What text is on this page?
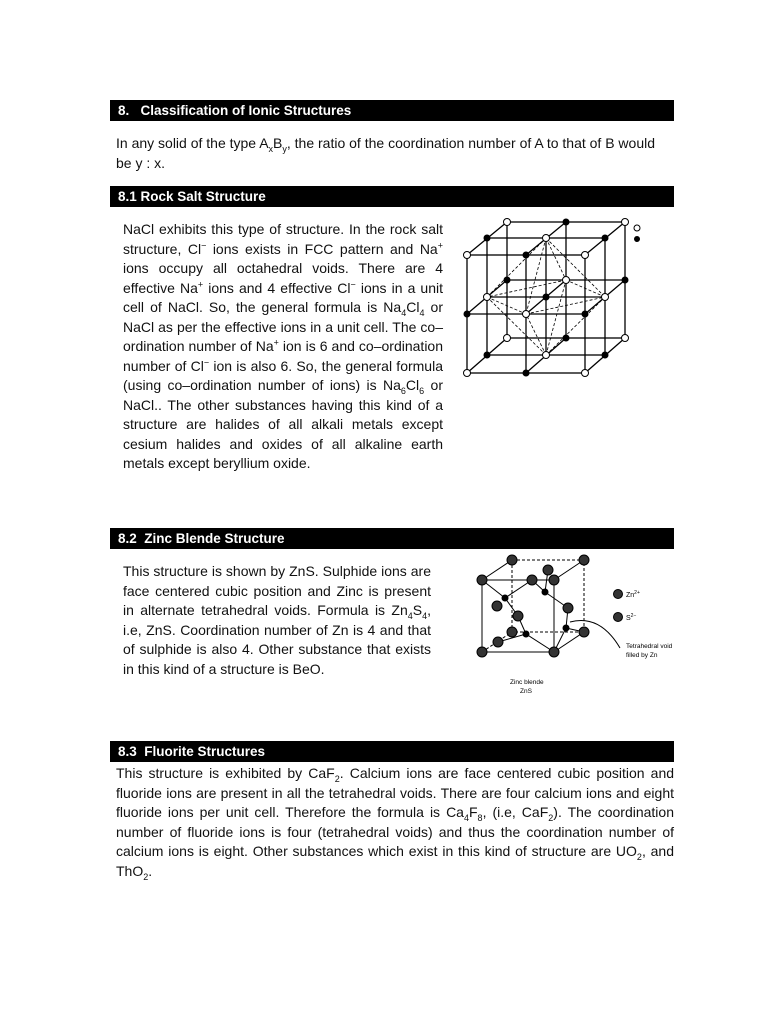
8.   Classification of Ionic Structures

In any solid of the type $A_xB_y$, the ratio of the coordination number of A to that of B would be y : x.

8.1 Rock Salt Structure

NaCl exhibits this type of structure. In the rock salt structure, Cl− ions exists in FCC pattern and Na+ ions occupy all octahedral voids. There are 4 effective Na+ ions and 4 effective Cl− ions in a unit cell of NaCl. So, the general formula is $Na_4Cl_4$ or NaCl as per the effective ions in a unit cell. The co–ordination number of Na+ ion is 6 and co–ordination number of Cl− ion is also 6. So, the general formula (using co–ordination number of ions) is $Na_6Cl_6$ or NaCl.. The other substances having this kind of a structure are halides of all alkali metals except cesium halides and oxides of all alkaline earth metals except beryllium oxide.

8.2  Zinc Blende Structure

This structure is shown by ZnS. Sulphide ions are face centered cubic position and Zinc is present in alternate tetrahedral voids. Formula is $Zn_4S_4$, i.e, ZnS. Coordination number of Zn is 4 and that of sulphide is also 4. Other substance that exists in this kind of a structure is BeO.

$Zn^{2+}$
$S^{2-}$
Tetrahedral void
filled by Zn
Zinc blende
ZnS
8.3  Fluorite Structures

This structure is exhibited by CaF$_2$. Calcium ions are face centered cubic position and fluoride ions are present in all the tetrahedral voids. There are four calcium ions and eight fluoride ions per unit cell. Therefore the formula is $Ca_4F_8$, (i.e, CaF$_2$). The coordination number of fluoride ions is four (tetrahedral voids) and thus the coordination number of calcium ions is eight. Other substances which exist in this kind of structure are $UO_2$, and ThO$_2$.
